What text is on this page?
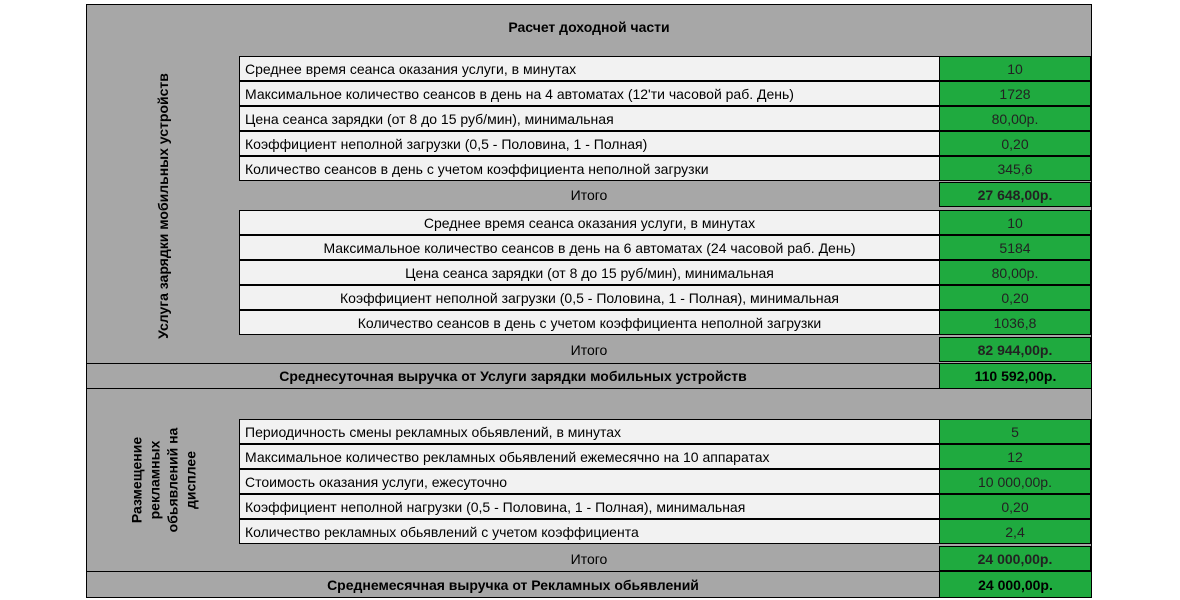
Расчет доходной части
Услуга зарядки мобильных устройств
Среднее время сеанса оказания услуги, в минутах	10
Максимальное количество сеансов в день на 4 автоматах (12'ти часовой раб. День)	1728
Цена сеанса зарядки (от 8 до 15 руб/мин), минимальная	80,00р.
Коэффициент неполной загрузки (0,5 - Половина, 1 - Полная)	0,20
Количество сеансов в день с учетом коэффициента неполной загрузки	345,6
Итого	27 648,00р.
Среднее время сеанса оказания услуги, в минутах	10
Максимальное количество сеансов в день на 6 автоматах (24 часовой раб. День)	5184
Цена сеанса зарядки (от 8 до 15 руб/мин), минимальная	80,00р.
Коэффициент неполной загрузки (0,5 - Половина, 1 - Полная), минимальная	0,20
Количество сеансов в день с учетом коэффициента неполной загрузки	1036,8
Итого	82 944,00р.
Среднесуточная выручка от Услуги зарядки мобильных устройств	110 592,00р.
Размещение рекламных обьявлений на дисплее
Периодичность смены рекламных обьявлений, в минутах	5
Максимальное количество рекламных обьявлений ежемесячно на 10 аппаратах	12
Стоимость оказания услуги, ежесуточно	10 000,00р.
Коэффициент неполной нагрузки (0,5 - Половина, 1 - Полная), минимальная	0,20
Количество рекламных обьявлений с учетом коэффициента	2,4
Итого	24 000,00р.
Среднемесячная выручка от Рекламных обьявлений	24 000,00р.
